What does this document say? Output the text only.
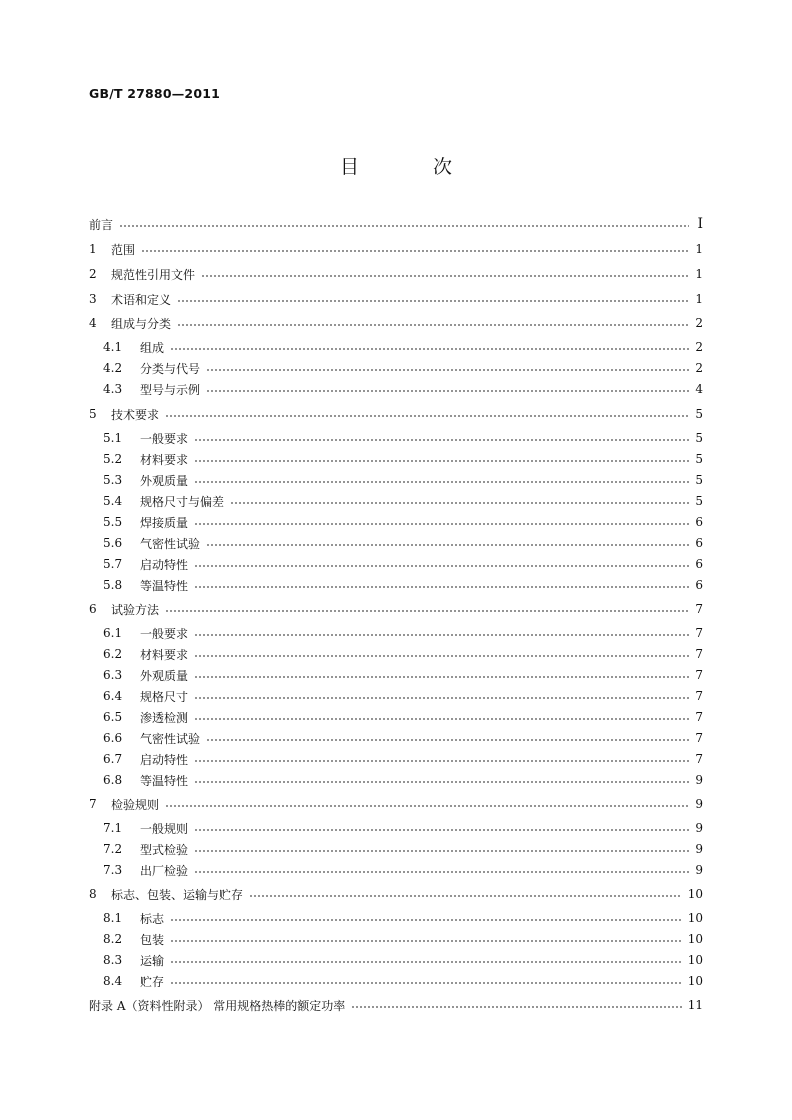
GB/T 27880—2011
目 次
前言	Ⅰ
1	范围	1
2	规范性引用文件	1
3	术语和定义	1
4	组成与分类	2
4.1	组成	2
4.2	分类与代号	2
4.3	型号与示例	4
5	技术要求	5
5.1	一般要求	5
5.2	材料要求	5
5.3	外观质量	5
5.4	规格尺寸与偏差	5
5.5	焊接质量	6
5.6	气密性试验	6
5.7	启动特性	6
5.8	等温特性	6
6	试验方法	7
6.1	一般要求	7
6.2	材料要求	7
6.3	外观质量	7
6.4	规格尺寸	7
6.5	渗透检测	7
6.6	气密性试验	7
6.7	启动特性	7
6.8	等温特性	9
7	检验规则	9
7.1	一般规则	9
7.2	型式检验	9
7.3	出厂检验	9
8	标志、包装、运输与贮存	10
8.1	标志	10
8.2	包装	10
8.3	运输	10
8.4	贮存	10
附录 A（资料性附录） 常用规格热棒的额定功率	11
